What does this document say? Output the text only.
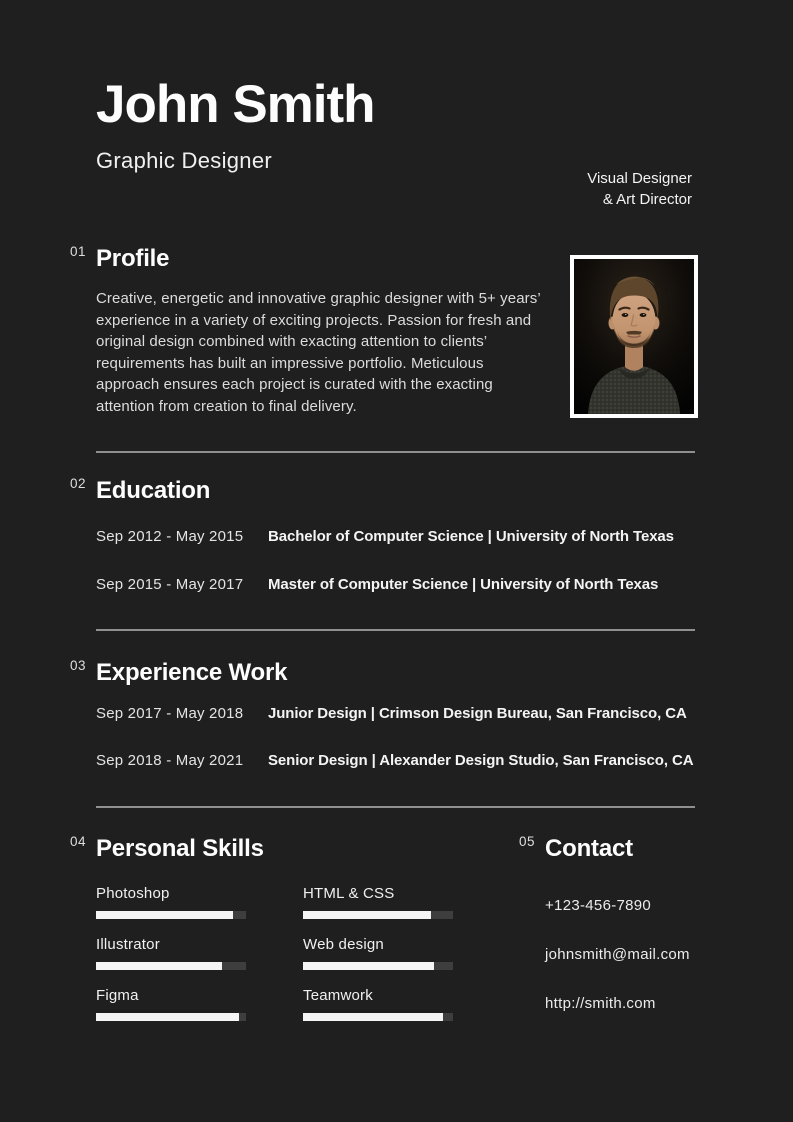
John Smith
Graphic Designer
01 Profile

Creative, energetic and innovative graphic designer with 5+ years’ experience in a variety of exciting projects. Passion for fresh and original design combined with exacting attention to clients’ requirements has built an impressive portfolio. Meticulous approach ensures each project is curated with the exacting attention from creation to final delivery.

02 Education
Sep 2012 - May 2015	Bachelor of Computer Science | University of North Texas
Sep 2015 - May 2017	Master of Computer Science | University of North Texas
03 Experience Work
Sep 2017 - May 2018	Junior Design | Crimson Design Bureau, San Francisco, CA
Sep 2018 - May 2021	Senior Design | Alexander Design Studio, San Francisco, CA
04 Personal Skills
Photoshop
Illustrator
Figma
HTML & CSS
Web design
Teamwork
05 Contact
+123-456-7890
johnsmith@mail.com
http://smith.com
Visual Designer
& Art Director
